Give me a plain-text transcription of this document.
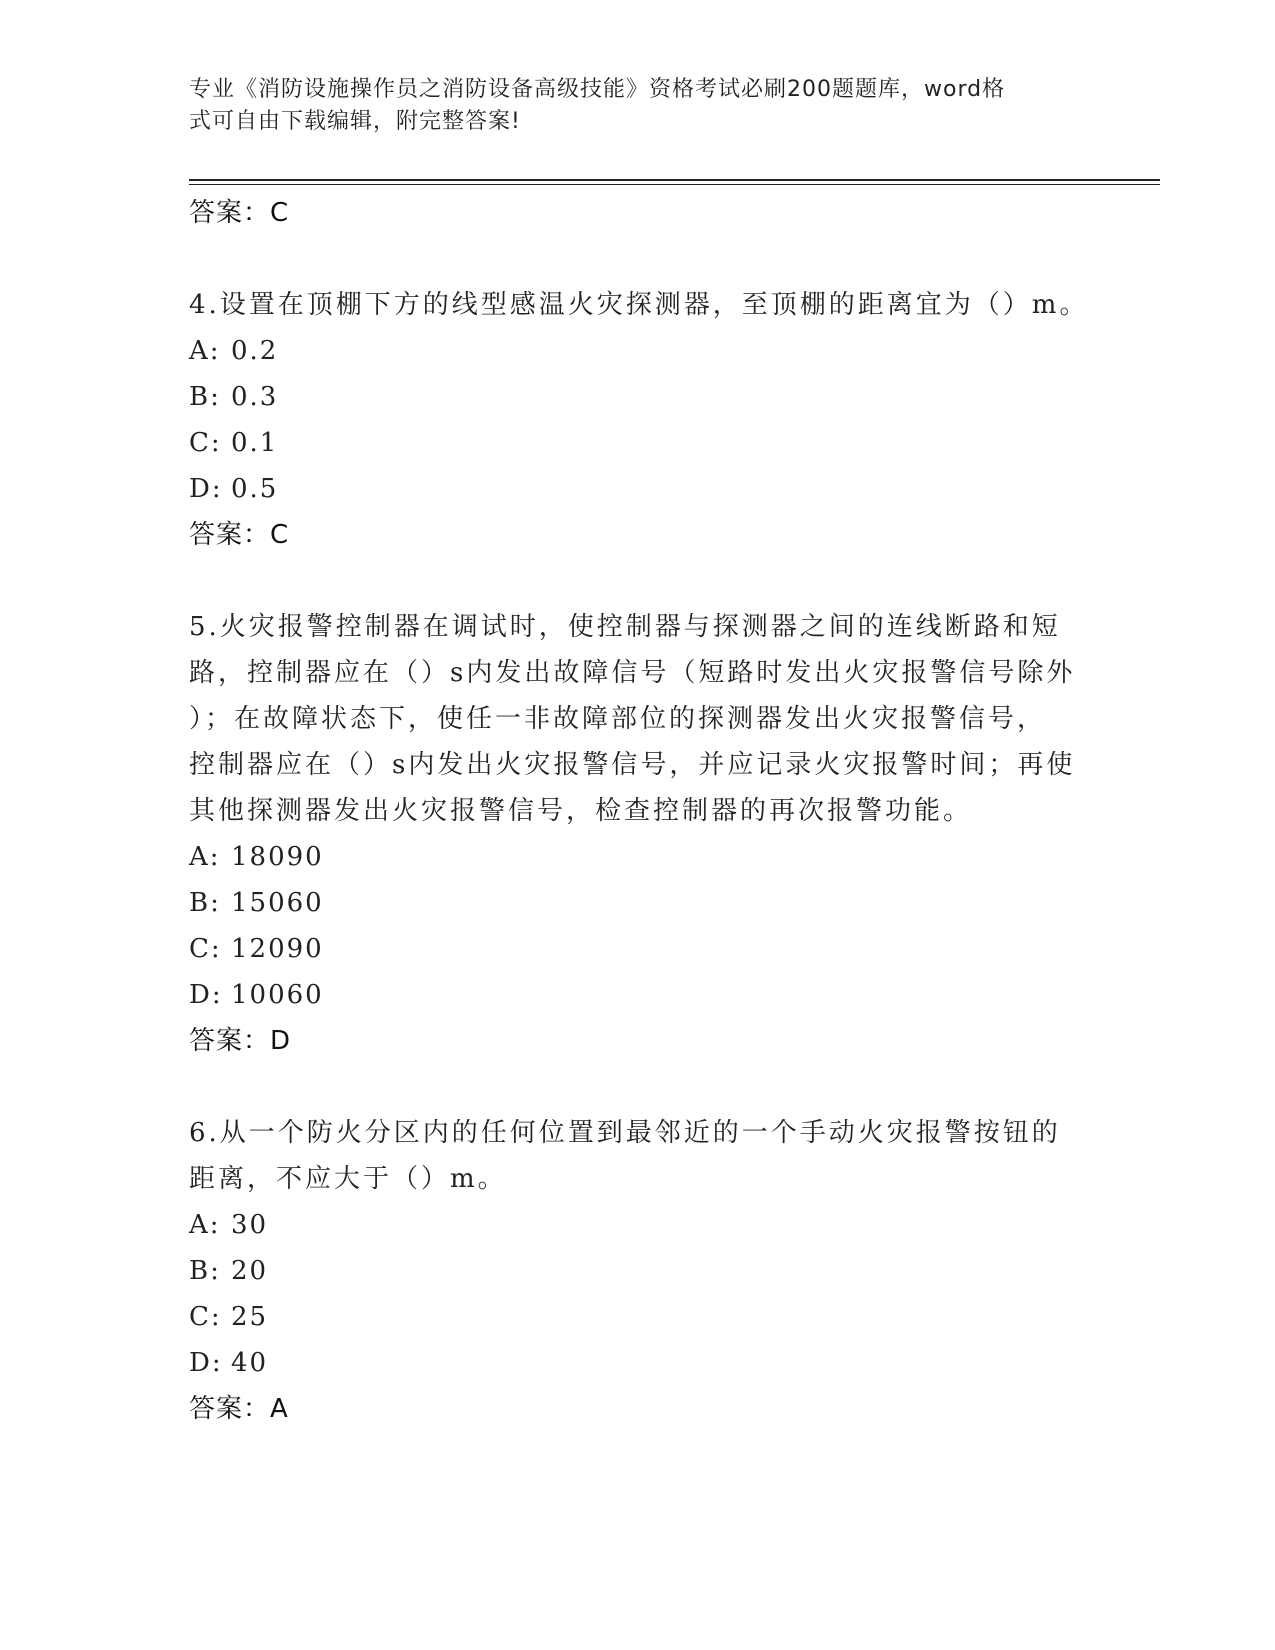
专业《消防设施操作员之消防设备高级技能》资格考试必刷200题题库，word格
式可自由下载编辑，附完整答案!
答案：C
4.设置在顶棚下方的线型感温火灾探测器，至顶棚的距离宜为（）m。
A: 0.2
B: 0.3
C: 0.1
D: 0.5
答案：C
5.火灾报警控制器在调试时，使控制器与探测器之间的连线断路和短
路，控制器应在（）s内发出故障信号（短路时发出火灾报警信号除外
）；在故障状态下，使任一非故障部位的探测器发出火灾报警信号，
控制器应在（）s内发出火灾报警信号，并应记录火灾报警时间；再使
其他探测器发出火灾报警信号，检查控制器的再次报警功能。
A: 18090
B: 15060
C: 12090
D: 10060
答案：D
6.从一个防火分区内的任何位置到最邻近的一个手动火灾报警按钮的
距离，不应大于（）m。
A: 30
B: 20
C: 25
D: 40
答案：A
